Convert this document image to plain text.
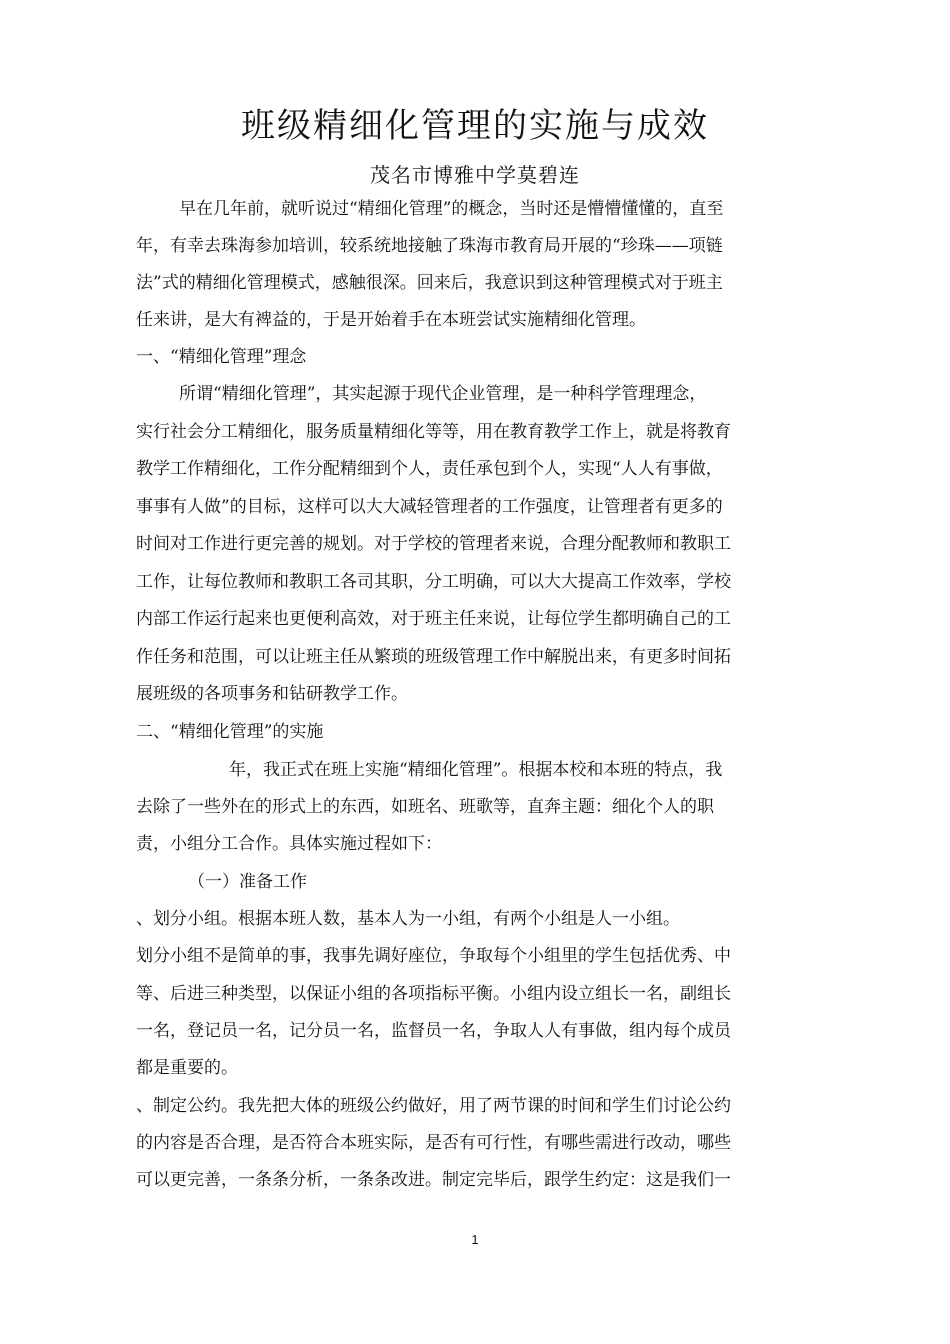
班级精细化管理的实施与成效
茂名市博雅中学莫碧连
早在几年前，就听说过“精细化管理”的概念，当时还是懵懵懂懂的，直至
年，有幸去珠海参加培训，较系统地接触了珠海市教育局开展的“珍珠——项链
法”式的精细化管理模式，感触很深。回来后，我意识到这种管理模式对于班主
任来讲，是大有裨益的，于是开始着手在本班尝试实施精细化管理。
一、“精细化管理”理念
所谓“精细化管理”，其实起源于现代企业管理，是一种科学管理理念，
实行社会分工精细化，服务质量精细化等等，用在教育教学工作上，就是将教育
教学工作精细化，工作分配精细到个人，责任承包到个人，实现“人人有事做，
事事有人做”的目标，这样可以大大减轻管理者的工作强度，让管理者有更多的
时间对工作进行更完善的规划。对于学校的管理者来说，合理分配教师和教职工
工作，让每位教师和教职工各司其职，分工明确，可以大大提高工作效率，学校
内部工作运行起来也更便利高效，对于班主任来说，让每位学生都明确自己的工
作任务和范围，可以让班主任从繁琐的班级管理工作中解脱出来，有更多时间拓
展班级的各项事务和钻研教学工作。
二、“精细化管理”的实施
年，我正式在班上实施“精细化管理”。根据本校和本班的特点，我
去除了一些外在的形式上的东西，如班名、班歌等，直奔主题：细化个人的职
责，小组分工合作。具体实施过程如下：
（一）准备工作
、划分小组。根据本班人数，基本人为一小组，有两个小组是人一小组。
划分小组不是简单的事，我事先调好座位，争取每个小组里的学生包括优秀、中
等、后进三种类型，以保证小组的各项指标平衡。小组内设立组长一名，副组长
一名，登记员一名，记分员一名，监督员一名，争取人人有事做，组内每个成员
都是重要的。
、制定公约。我先把大体的班级公约做好，用了两节课的时间和学生们讨论公约
的内容是否合理，是否符合本班实际，是否有可行性，有哪些需进行改动，哪些
可以更完善，一条条分析，一条条改进。制定完毕后，跟学生约定：这是我们一
1
